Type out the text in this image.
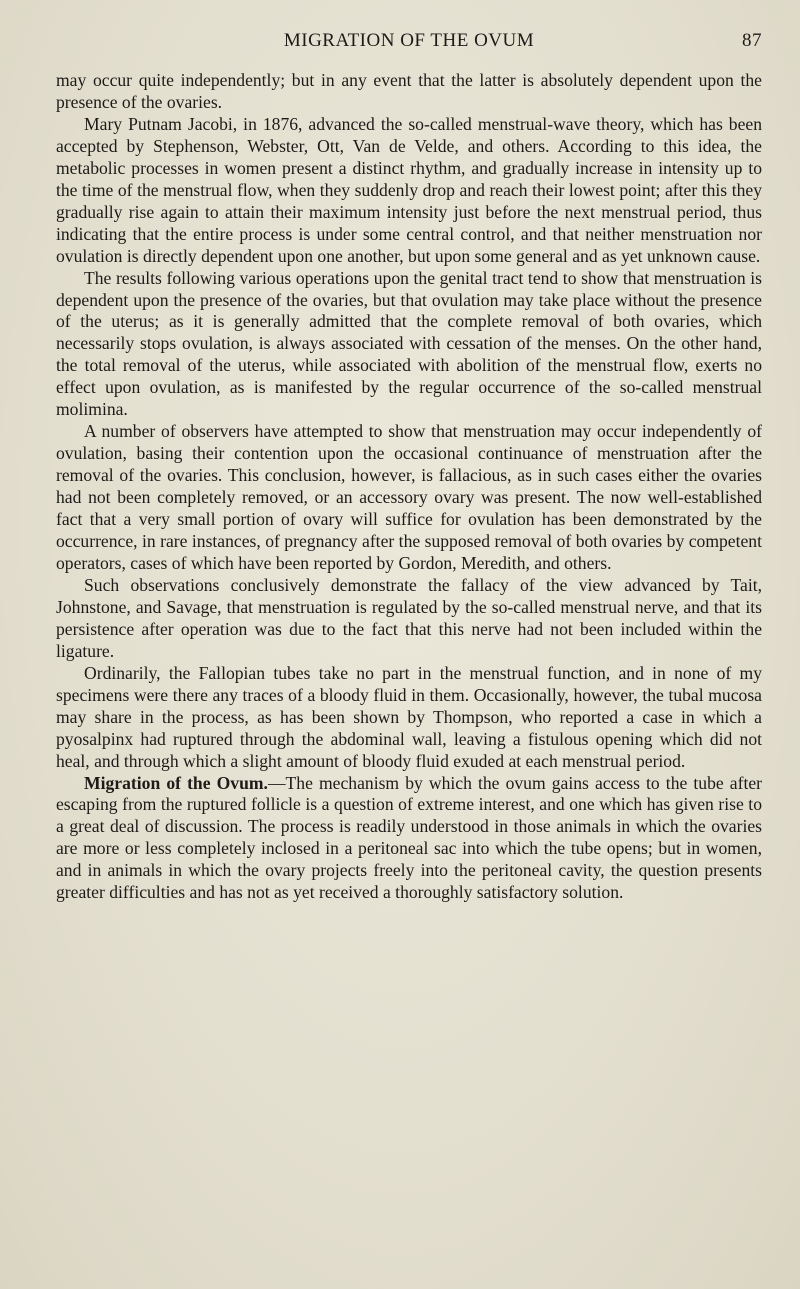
MIGRATION OF THE OVUM	87

may occur quite independently; but in any event that the latter is absolutely dependent upon the presence of the ovaries.

Mary Putnam Jacobi, in 1876, advanced the so-called menstrual-wave theory, which has been accepted by Stephenson, Webster, Ott, Van de Velde, and others. According to this idea, the metabolic processes in women present a distinct rhythm, and gradually increase in intensity up to the time of the menstrual flow, when they suddenly drop and reach their lowest point; after this they gradually rise again to attain their maximum intensity just before the next menstrual period, thus indicating that the entire process is under some central control, and that neither menstruation nor ovulation is directly dependent upon one another, but upon some general and as yet unknown cause.

The results following various operations upon the genital tract tend to show that menstruation is dependent upon the presence of the ovaries, but that ovulation may take place without the presence of the uterus; as it is generally admitted that the complete removal of both ovaries, which necessarily stops ovulation, is always associated with cessation of the menses. On the other hand, the total removal of the uterus, while associated with abolition of the menstrual flow, exerts no effect upon ovulation, as is manifested by the regular occurrence of the so-called menstrual molimina.

A number of observers have attempted to show that menstruation may occur independently of ovulation, basing their contention upon the occasional continuance of menstruation after the removal of the ovaries. This conclusion, however, is fallacious, as in such cases either the ovaries had not been completely removed, or an accessory ovary was present. The now well-established fact that a very small portion of ovary will suffice for ovulation has been demonstrated by the occurrence, in rare instances, of pregnancy after the supposed removal of both ovaries by competent operators, cases of which have been reported by Gordon, Meredith, and others.

Such observations conclusively demonstrate the fallacy of the view advanced by Tait, Johnstone, and Savage, that menstruation is regulated by the so-called menstrual nerve, and that its persistence after operation was due to the fact that this nerve had not been included within the ligature.

Ordinarily, the Fallopian tubes take no part in the menstrual function, and in none of my specimens were there any traces of a bloody fluid in them. Occasionally, however, the tubal mucosa may share in the process, as has been shown by Thompson, who reported a case in which a pyosalpinx had ruptured through the abdominal wall, leaving a fistulous opening which did not heal, and through which a slight amount of bloody fluid exuded at each menstrual period.

Migration of the Ovum.—The mechanism by which the ovum gains access to the tube after escaping from the ruptured follicle is a question of extreme interest, and one which has given rise to a great deal of discussion. The process is readily understood in those animals in which the ovaries are more or less completely inclosed in a peritoneal sac into which the tube opens; but in women, and in animals in which the ovary projects freely into the peritoneal cavity, the question presents greater difficulties and has not as yet received a thoroughly satisfactory solution.
